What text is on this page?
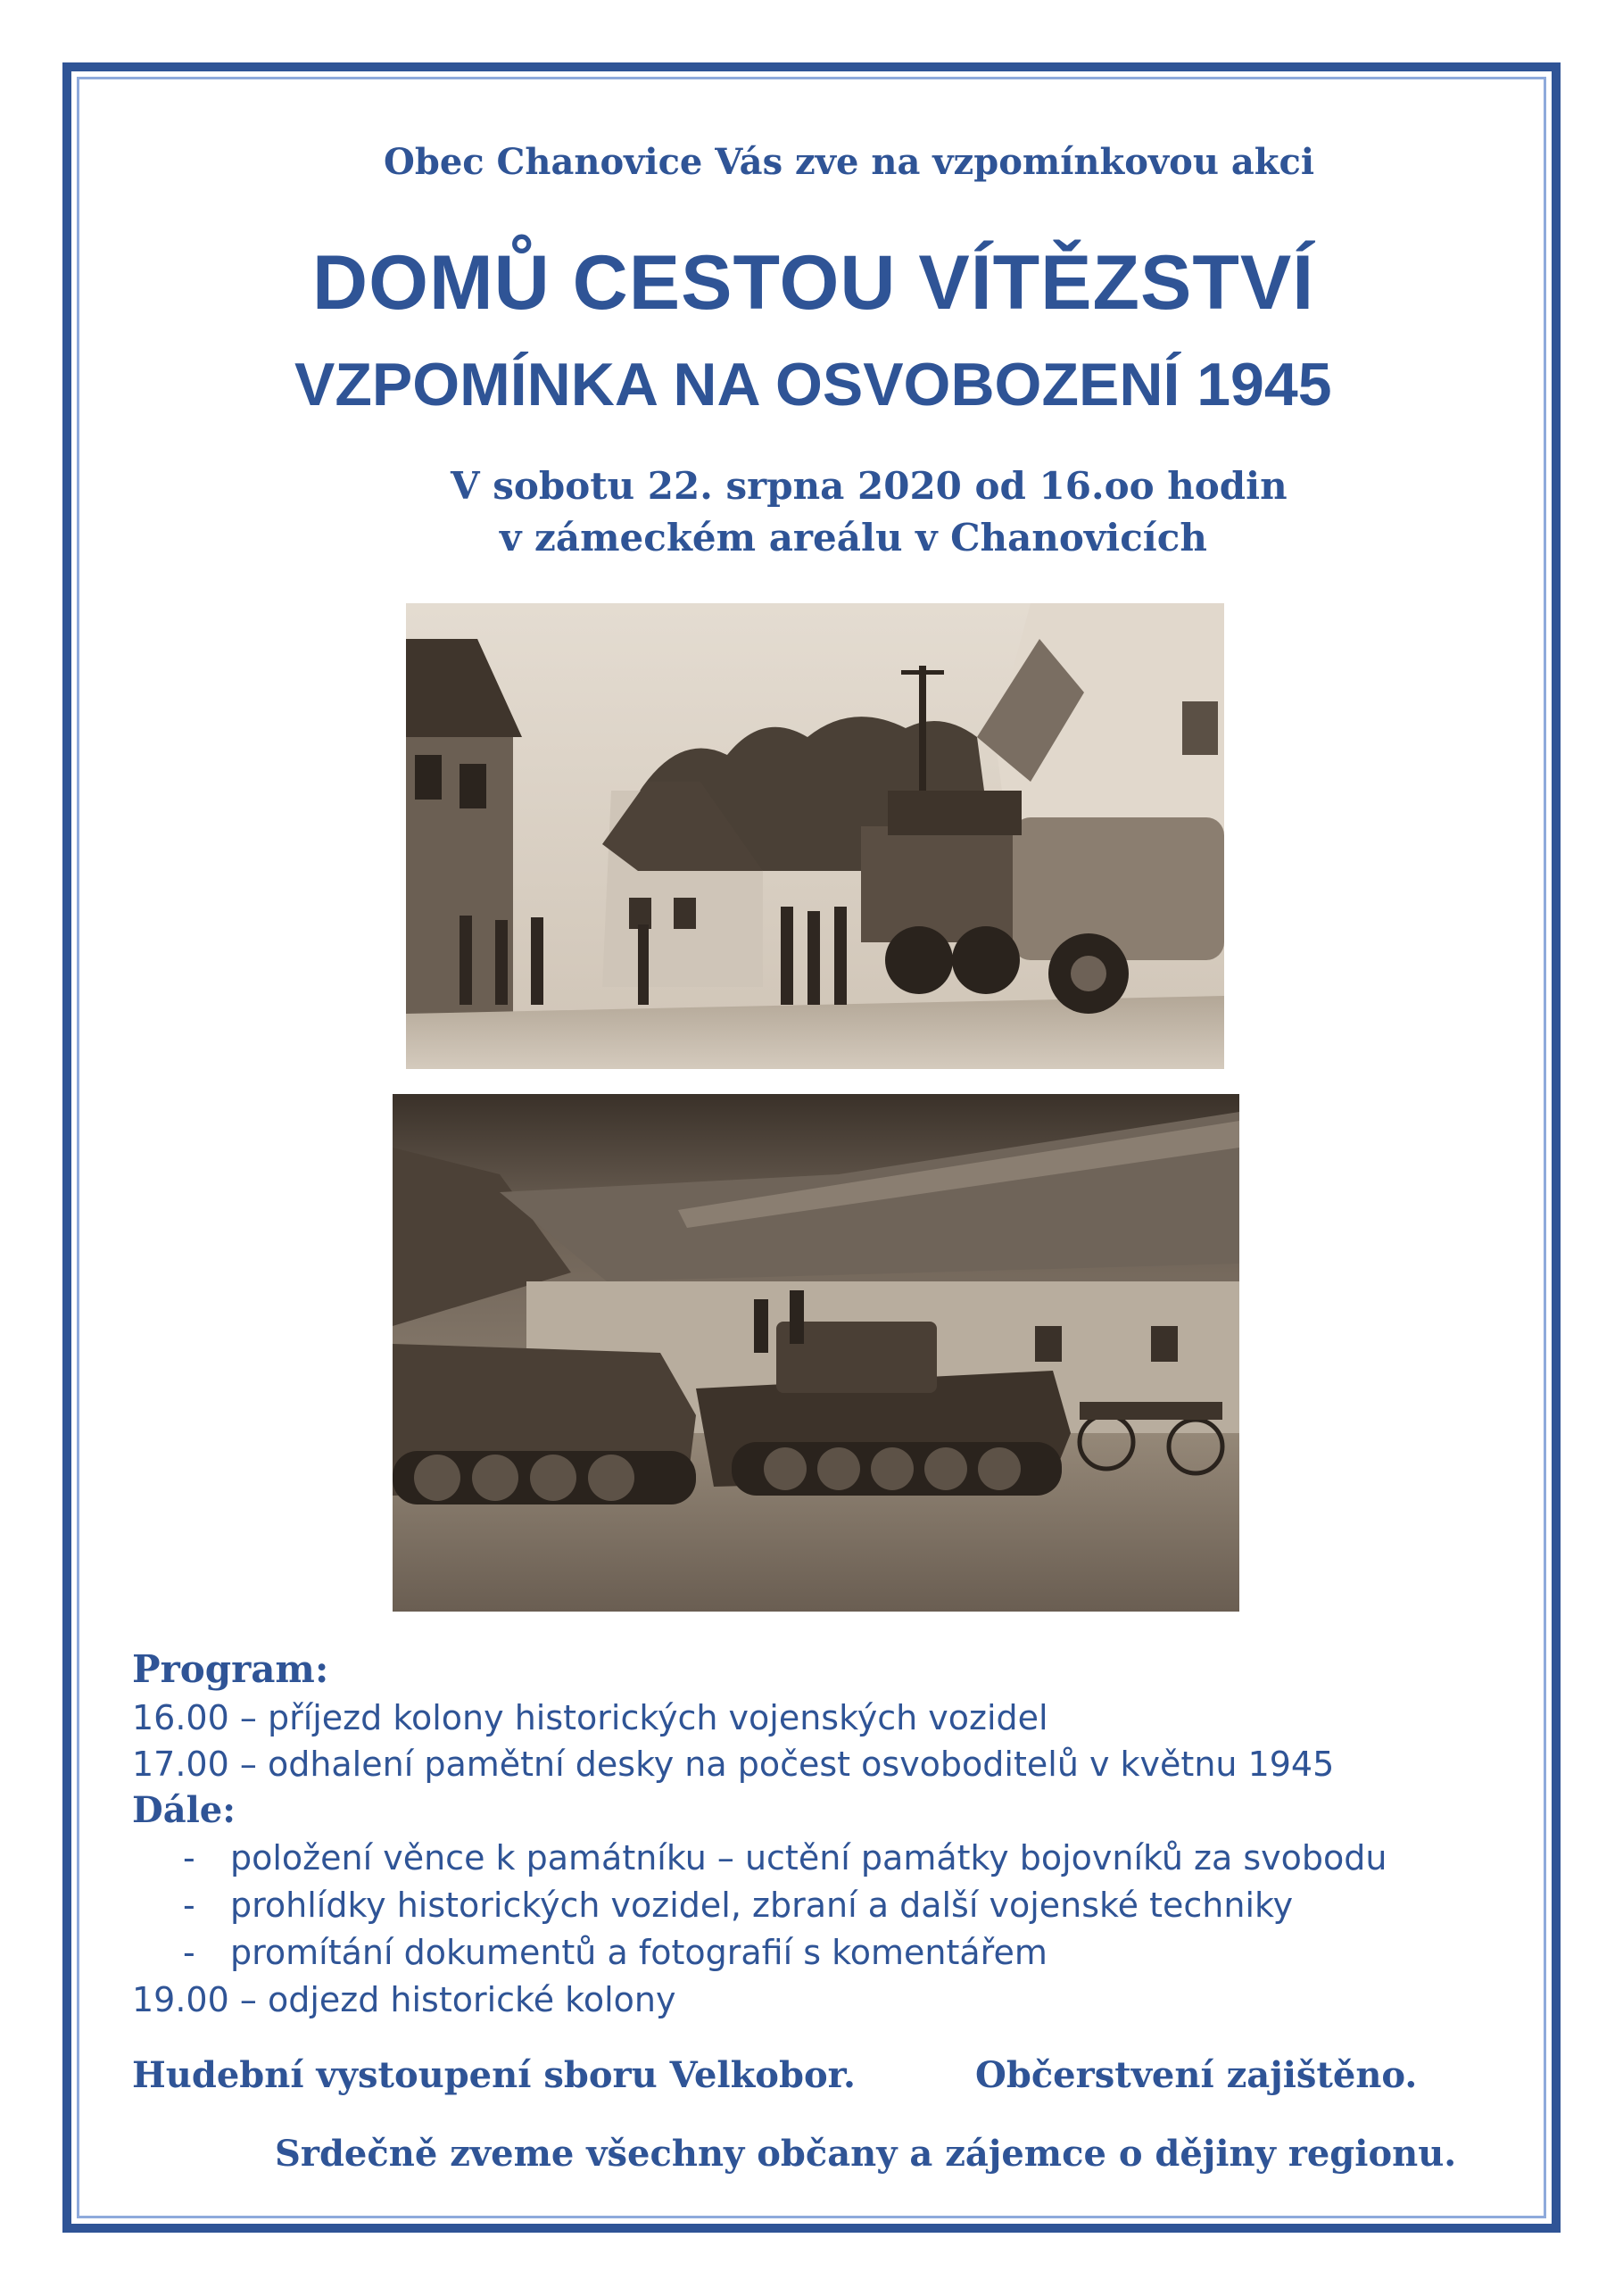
Obec Chanovice Vás zve na vzpomínkovou akci
DOMŮ CESTOU VÍTĚZSTVÍ
VZPOMÍNKA NA OSVOBOZENÍ 1945
V sobotu 22. srpna 2020 od 16.oo hodin
v zámeckém areálu v Chanovicích
Program:
16.00 – příjezd kolony historických vojenských vozidel
17.00 – odhalení pamětní desky na počest osvoboditelů v květnu 1945
Dále:
- položení věnce k památníku – uctění památky bojovníků za svobodu
- prohlídky historických vozidel, zbraní a další vojenské techniky
- promítání dokumentů a fotografií s komentářem
19.00 – odjezd historické kolony
Hudební vystoupení sboru Velkobor.	Občerstvení zajištěno.
Srdečně zveme všechny občany a zájemce o dějiny regionu.
